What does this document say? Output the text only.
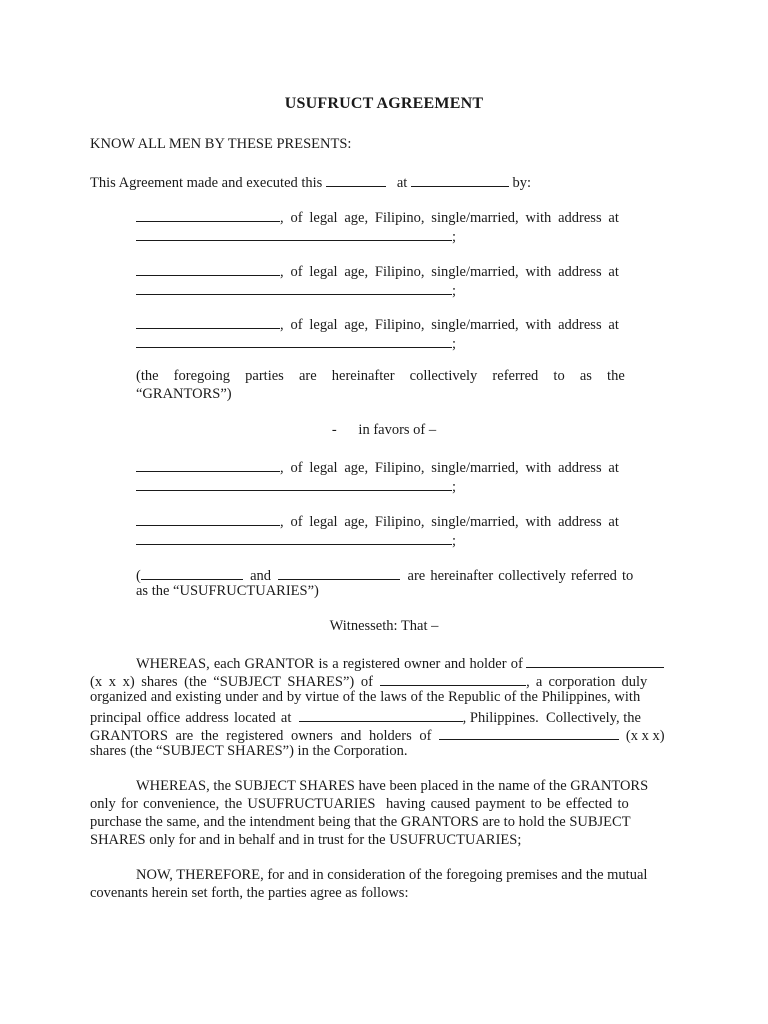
USUFRUCT AGREEMENT
KNOW ALL MEN BY THESE PRESENTS:
This Agreement made and executed this	at	by:
, of legal age, Filipino, single/married, with address at
;
, of legal age, Filipino, single/married, with address at
;
, of legal age, Filipino, single/married, with address at
;
(the foregoing parties are hereinafter collectively referred to as the
“GRANTORS”)
-      in favors of –
, of legal age, Filipino, single/married, with address at
;
, of legal age, Filipino, single/married, with address at
;
(	and	are hereinafter collectively referred to
as the “USUFRUCTUARIES”)
Witnesseth: That –
WHEREAS, each GRANTOR is a registered owner and holder of
(x x x) shares (the “SUBJECT SHARES”) of	, a corporation duly
organized and existing under and by virtue of the laws of the Republic of the Philippines, with
principal office address located at	, Philippines.  Collectively, the
GRANTORS are the registered owners and holders of	(x x x)
shares (the “SUBJECT SHARES”) in the Corporation.
WHEREAS, the SUBJECT SHARES have been placed in the name of the GRANTORS
only for convenience, the USUFRUCTUARIES  having caused payment to be effected to
purchase the same, and the intendment being that the GRANTORS are to hold the SUBJECT
SHARES only for and in behalf and in trust for the USUFRUCTUARIES;
NOW, THEREFORE, for and in consideration of the foregoing premises and the mutual
covenants herein set forth, the parties agree as follows:
